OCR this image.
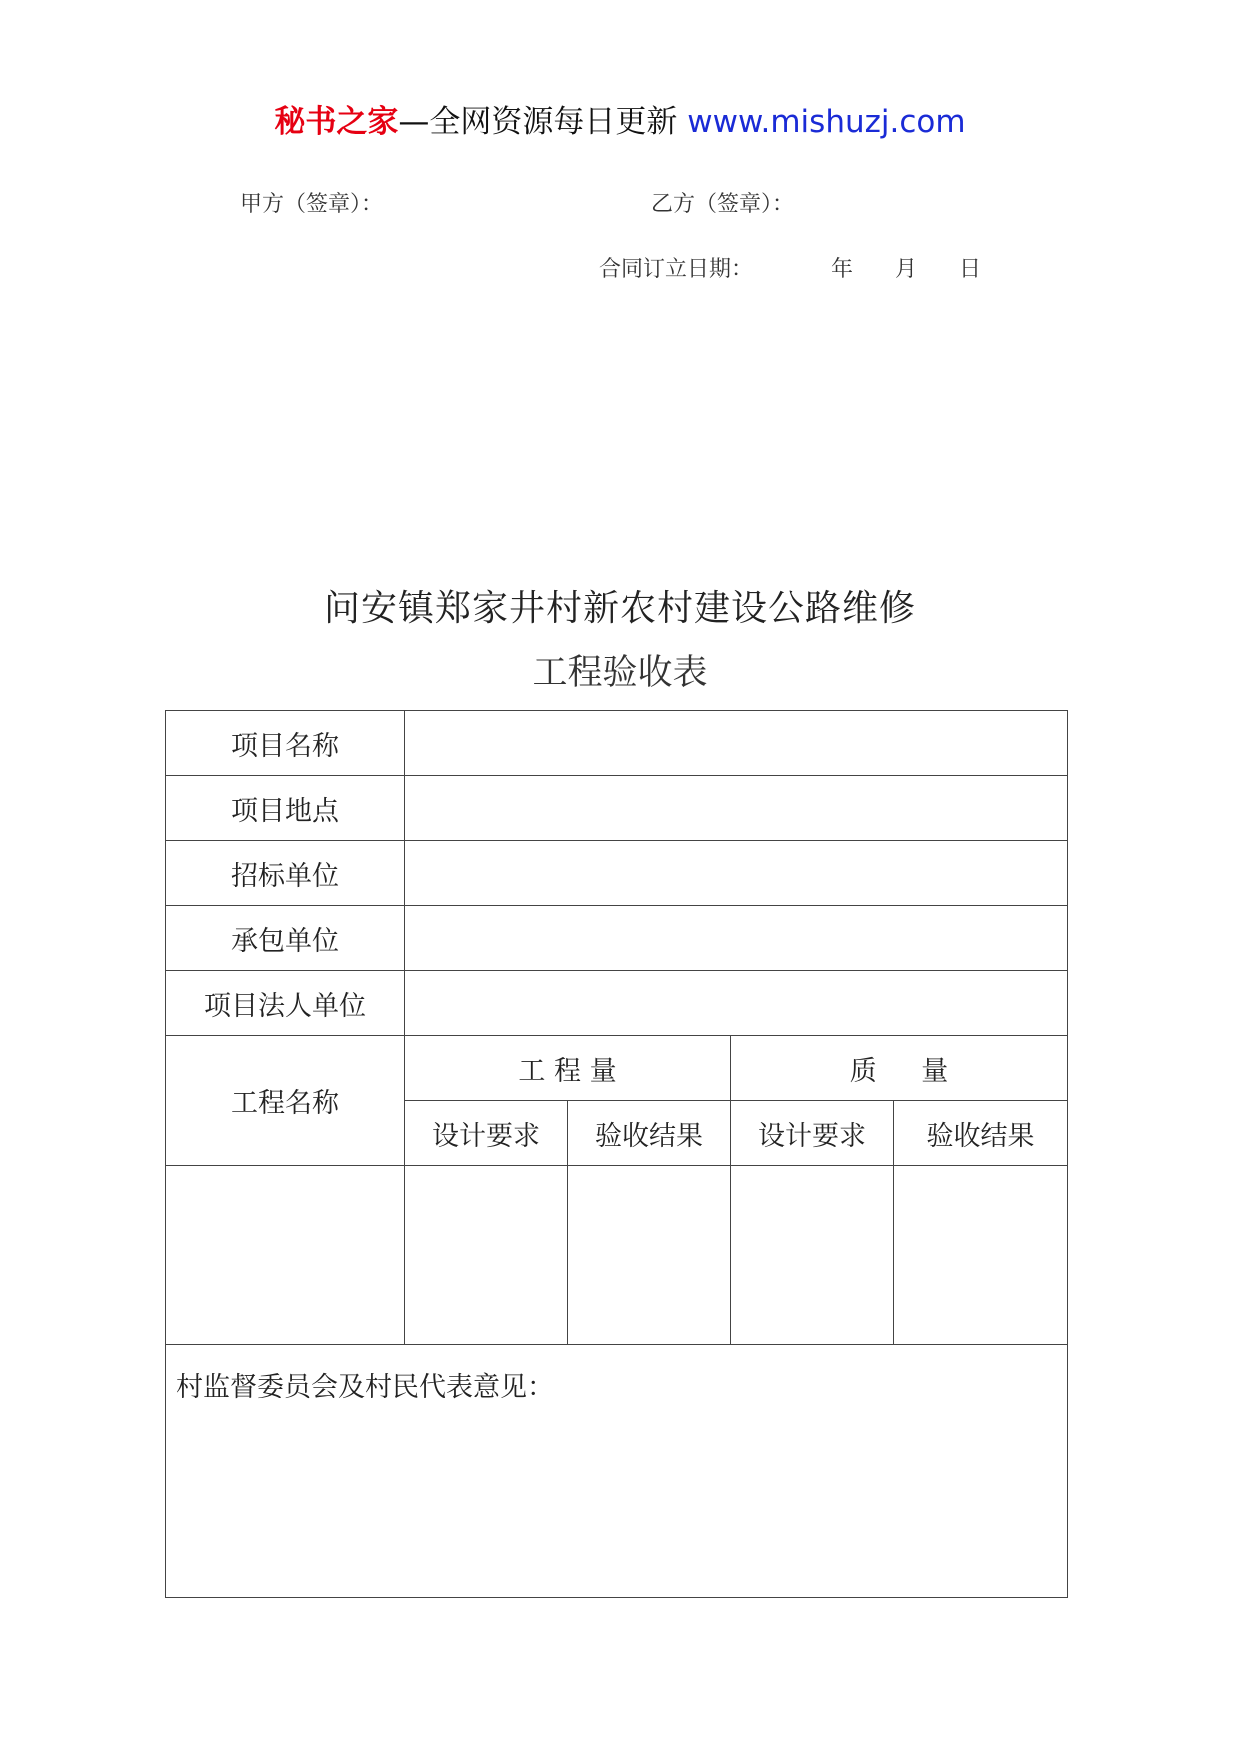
秘书之家—全网资源每日更新 www.mishuzj.com
甲方（签章）：	乙方（签章）：
合同订立日期：	年 月 日
问安镇郑家井村新农村建设公路维修
工程验收表
项目名称				
项目地点				
招标单位				
承包单位				
项目法人单位				
工程名称	工 程 量		质 量	
	设计要求	验收结果	设计要求	验收结果

村监督委员会及村民代表意见：				
